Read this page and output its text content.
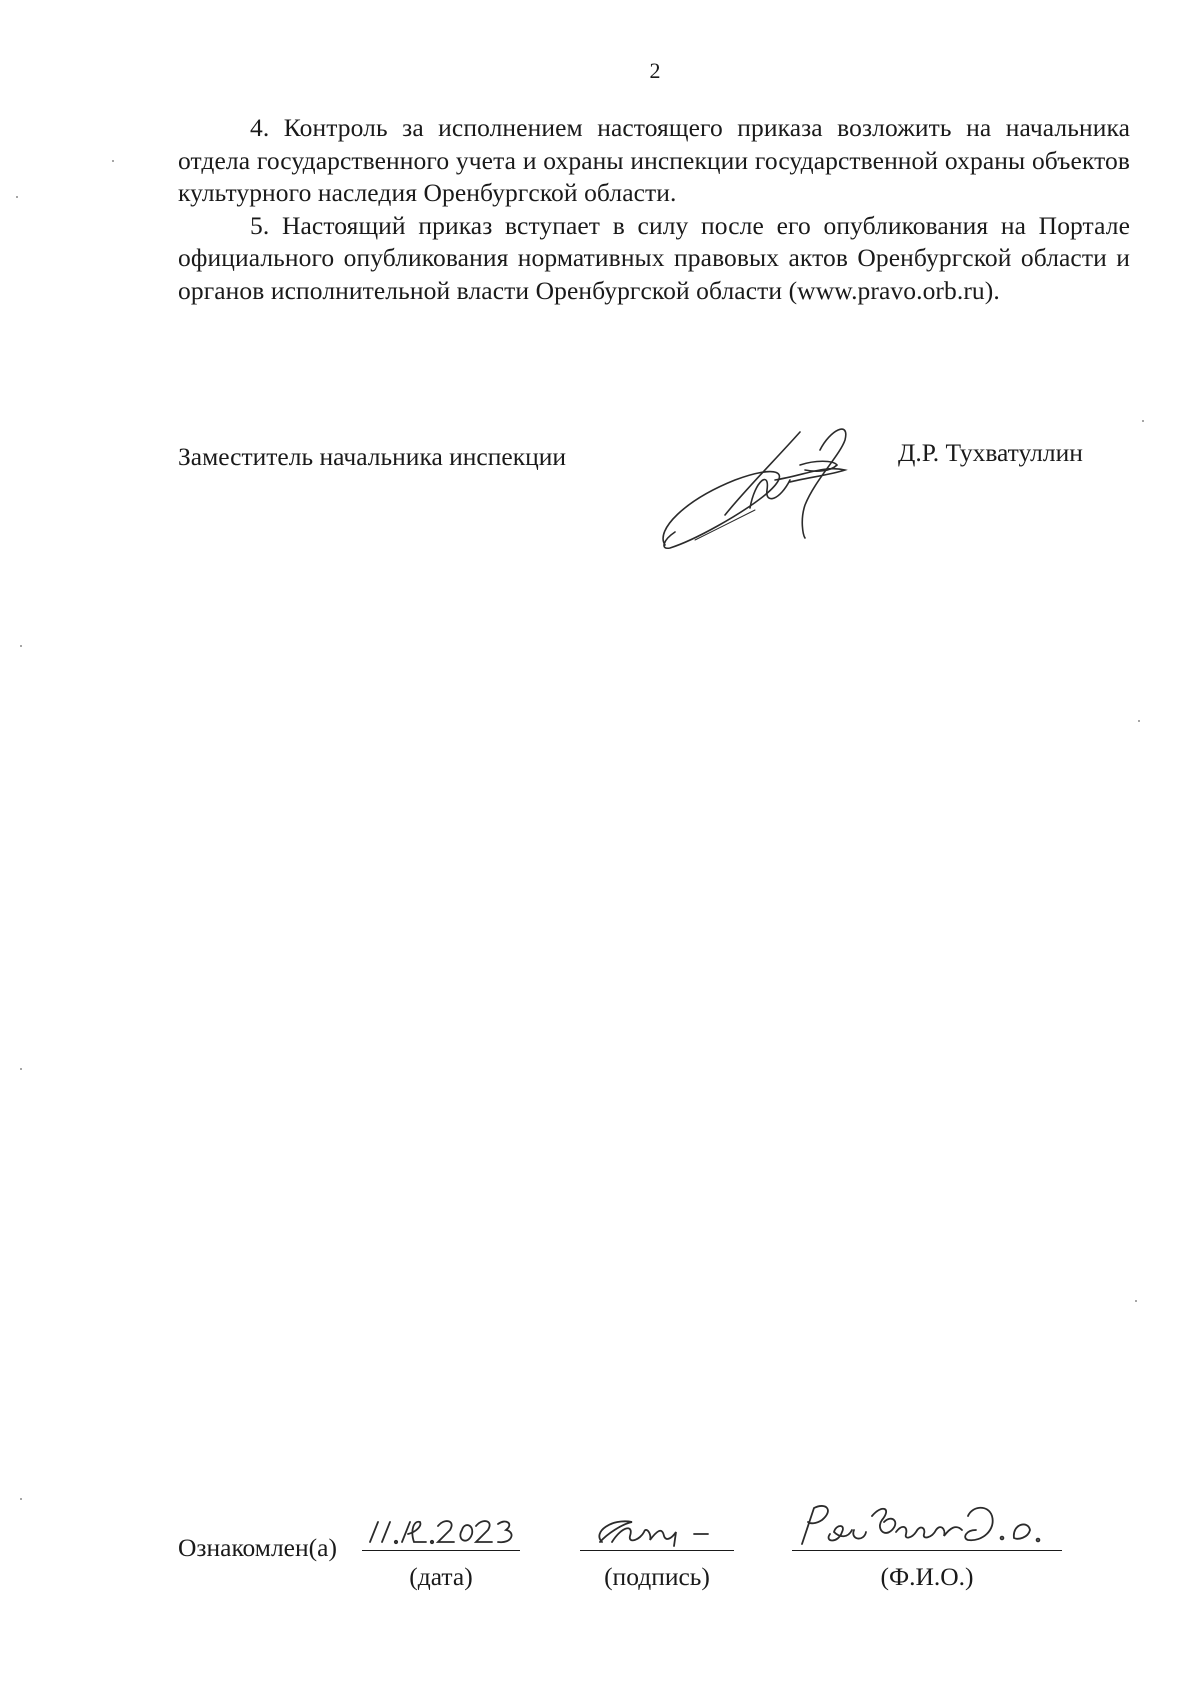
2

4. Контроль за исполнением настоящего приказа возложить на начальника отдела государственного учета и охраны инспекции государственной охраны объектов культурного наследия Оренбургской области.

5. Настоящий приказ вступает в силу после его опубликования на Портале официального опубликования нормативных правовых актов Оренбургской области и органов исполнительной власти Оренбургской области (www.pravo.orb.ru).

Заместитель начальника инспекции	Д.Р. Тухватуллин
Ознакомлен(а)
(дата)	(подпись)	(Ф.И.О.)
